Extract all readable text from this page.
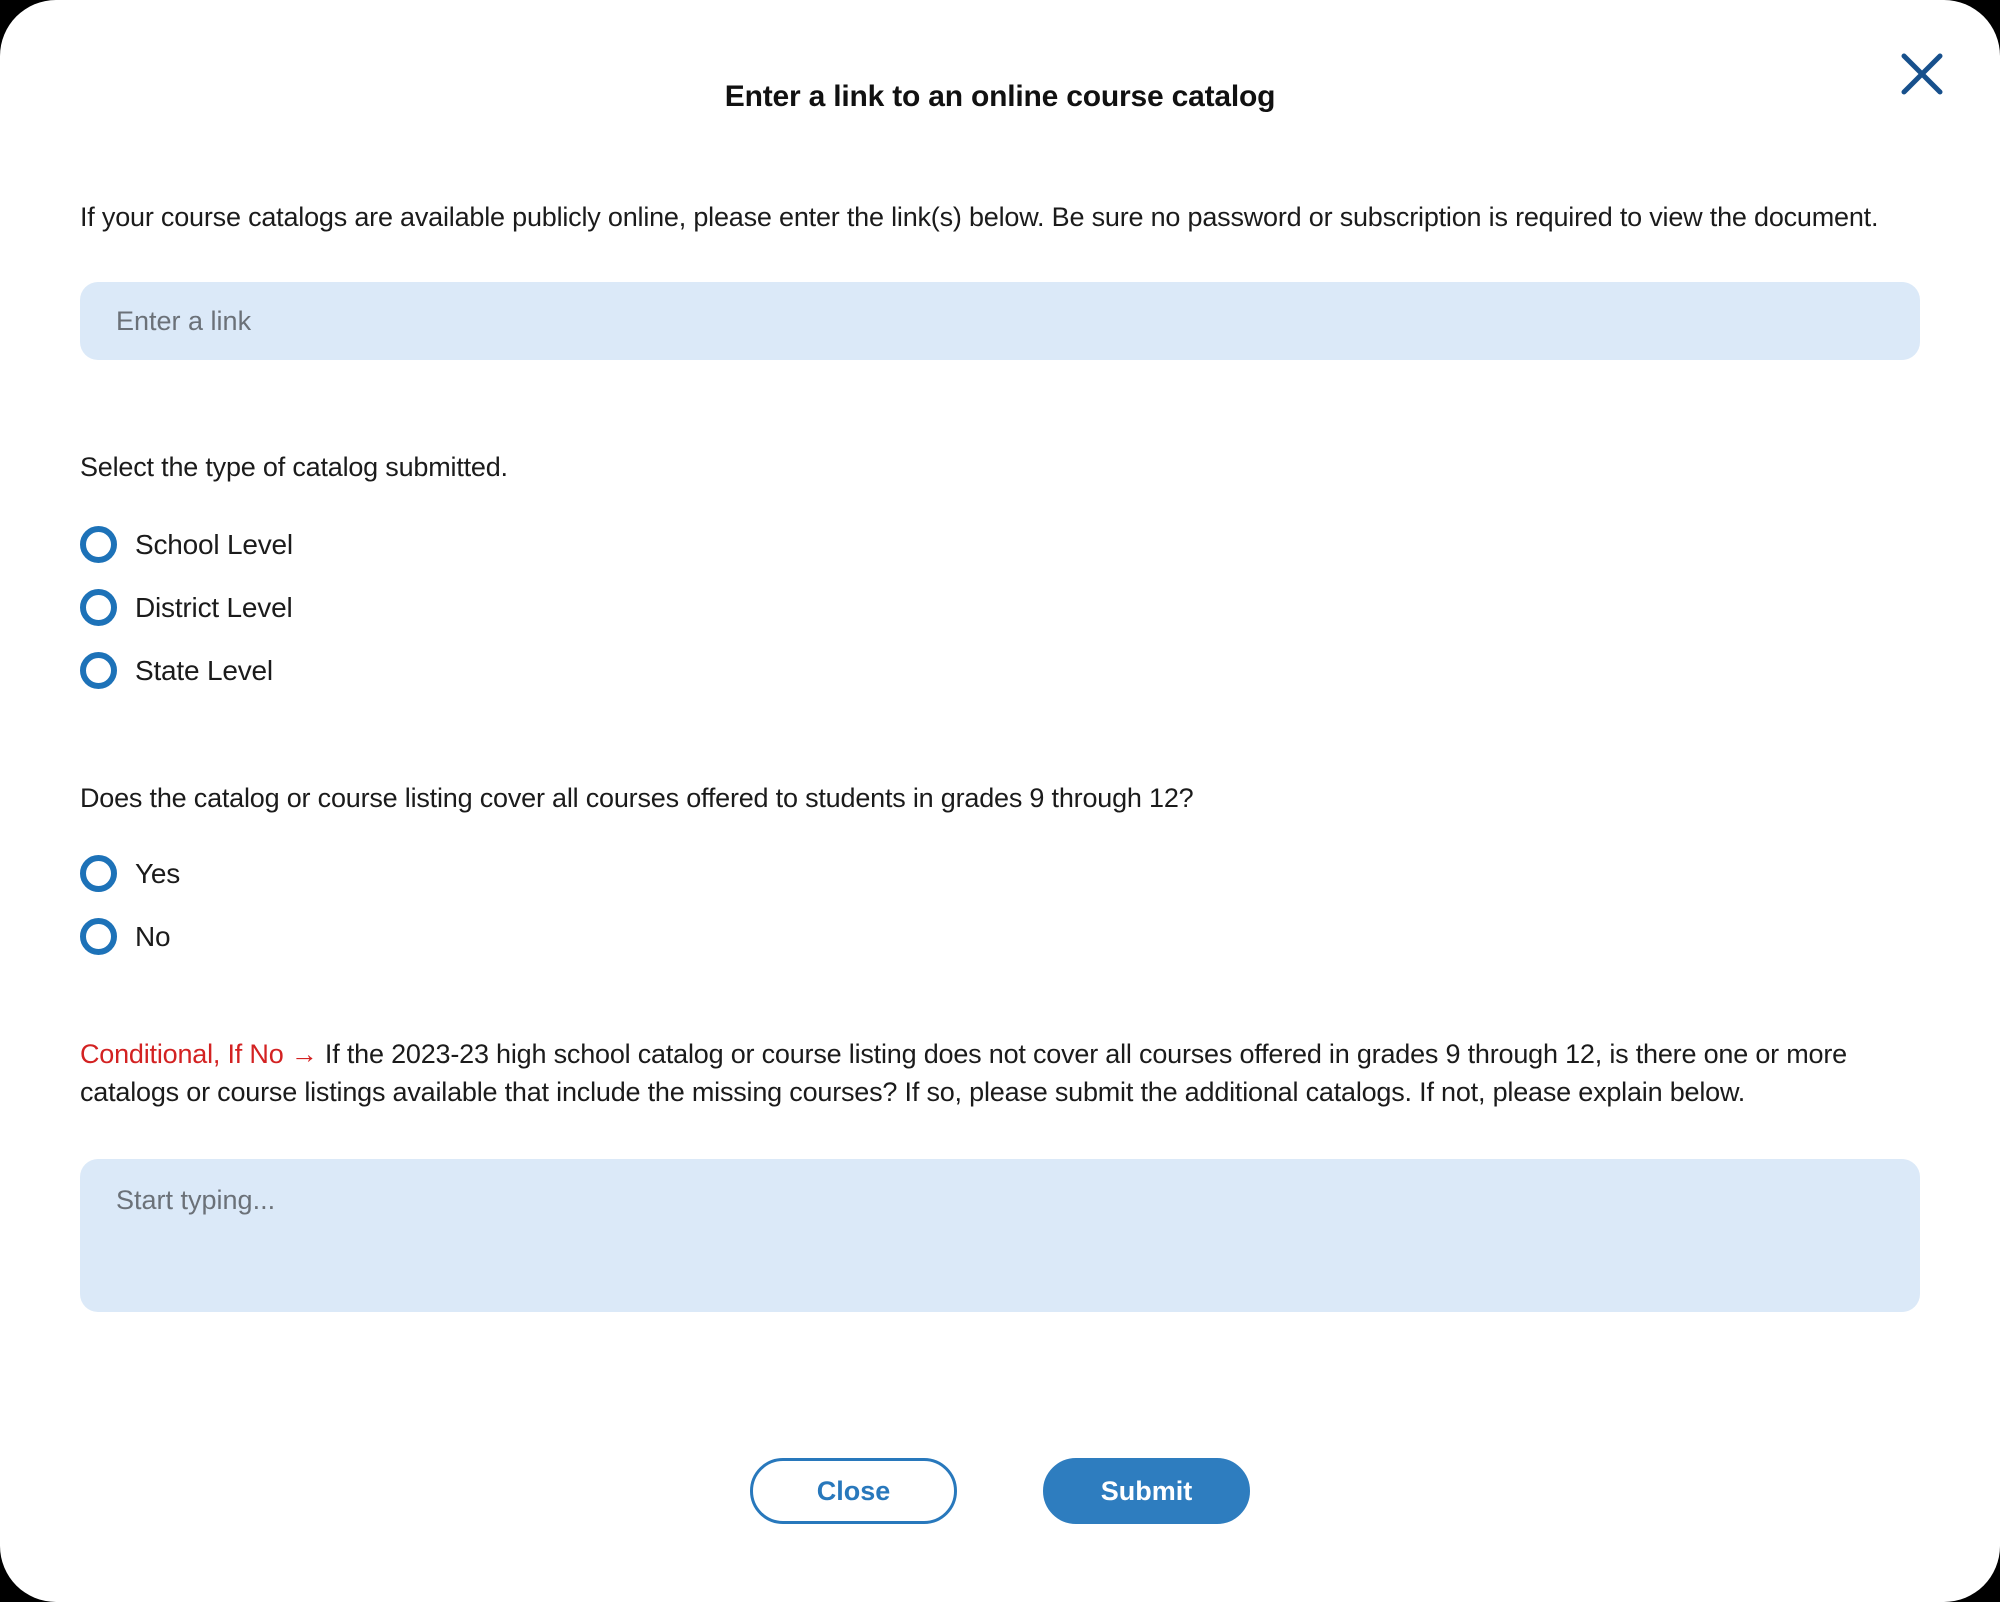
Enter a link to an online course catalog

If your course catalogs are available publicly online, please enter the link(s) below. Be sure no password or subscription is required to view the document.

Enter a link

Select the type of catalog submitted.

School Level
District Level
State Level

Does the catalog or course listing cover all courses offered to students in grades 9 through 12?

Yes
No

Conditional, If No → If the 2023-23 high school catalog or course listing does not cover all courses offered in grades 9 through 12, is there one or more catalogs or course listings available that include the missing courses? If so, please submit the additional catalogs. If not, please explain below.

Start typing...
Close	Submit
